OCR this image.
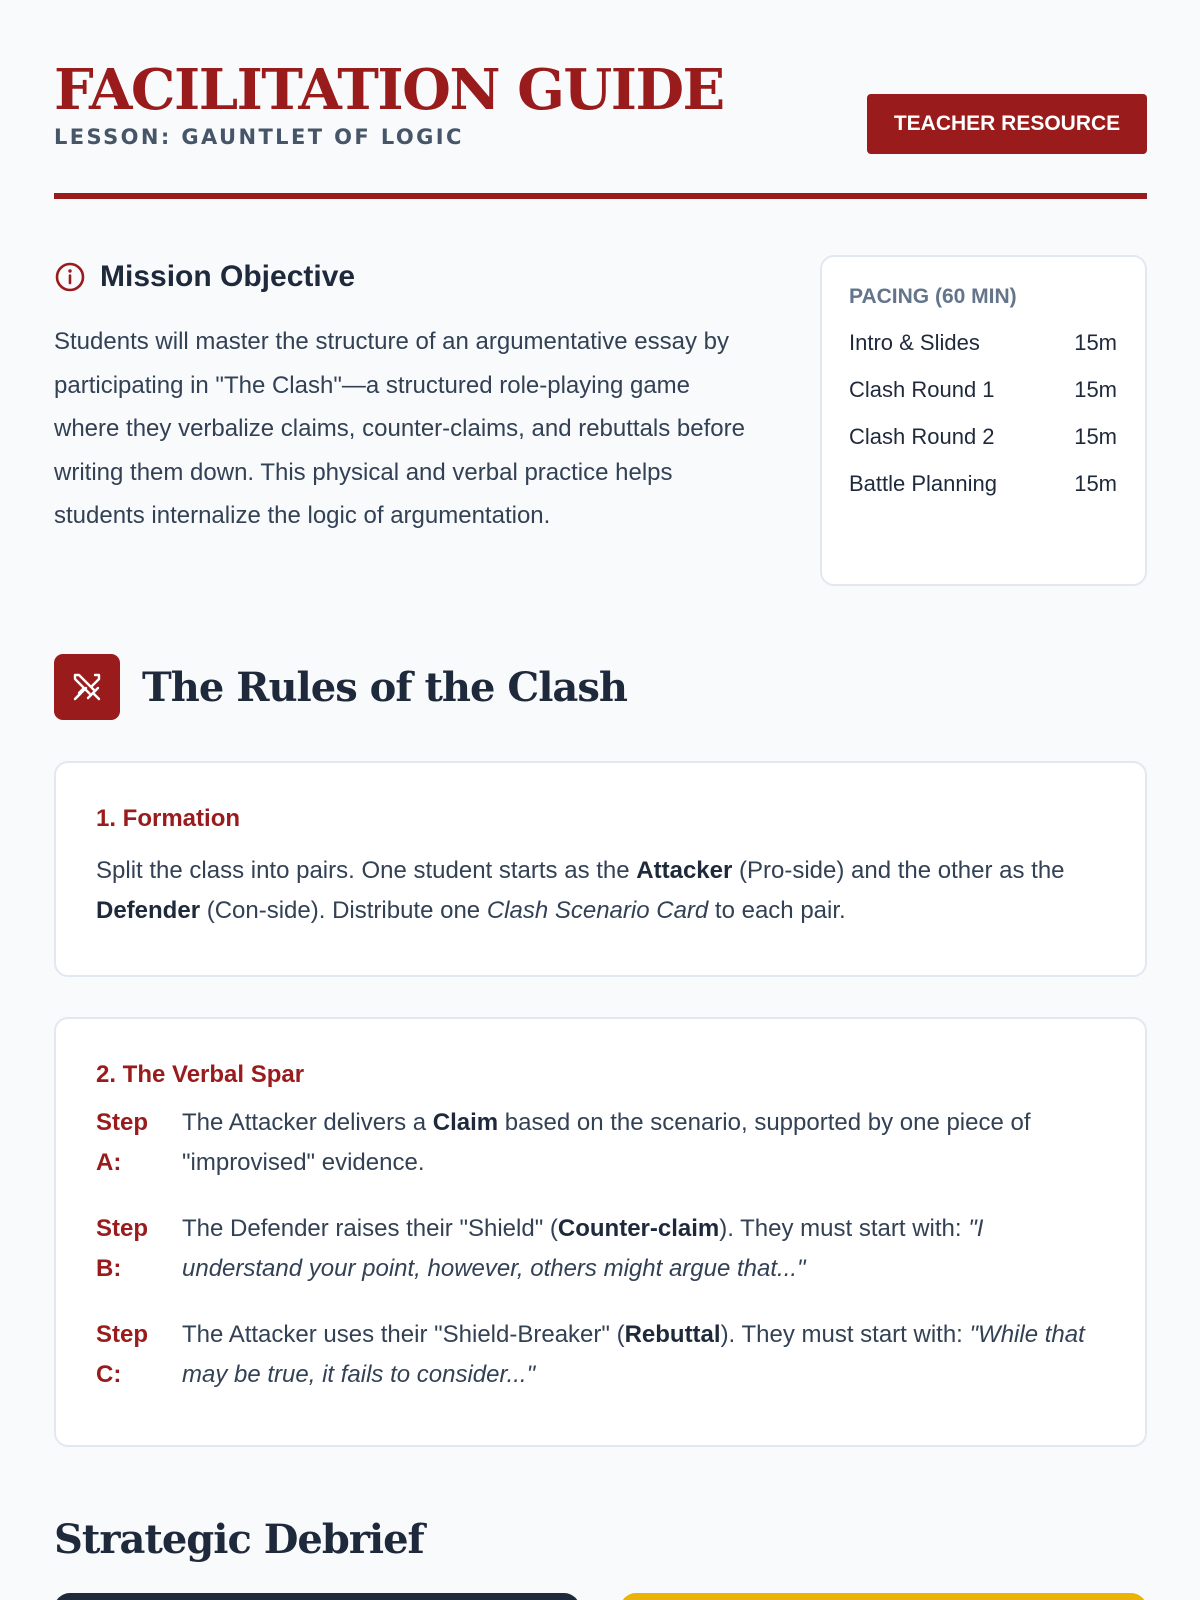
FACILITATION GUIDE
LESSON: GAUNTLET OF LOGIC
TEACHER RESOURCE
Mission Objective
Students will master the structure of an argumentative essay by participating in "The Clash"—a structured role-playing game where they verbalize claims, counter-claims, and rebuttals before writing them down. This physical and verbal practice helps students internalize the logic of argumentation.
PACING (60 MIN)
Intro & Slides	15m
Clash Round 1	15m
Clash Round 2	15m
Battle Planning	15m
The Rules of the Clash
1. Formation
Split the class into pairs. One student starts as the Attacker (Pro-side) and the other as the Defender (Con-side). Distribute one Clash Scenario Card to each pair.
2. The Verbal Spar
Step A:
The Attacker delivers a Claim based on the scenario, supported by one piece of "improvised" evidence.
Step B:
The Defender raises their "Shield" (Counter-claim). They must start with: "I understand your point, however, others might argue that..."
Step C:
The Attacker uses their "Shield-Breaker" (Rebuttal). They must start with: "While that may be true, it fails to consider..."
Strategic Debrief
